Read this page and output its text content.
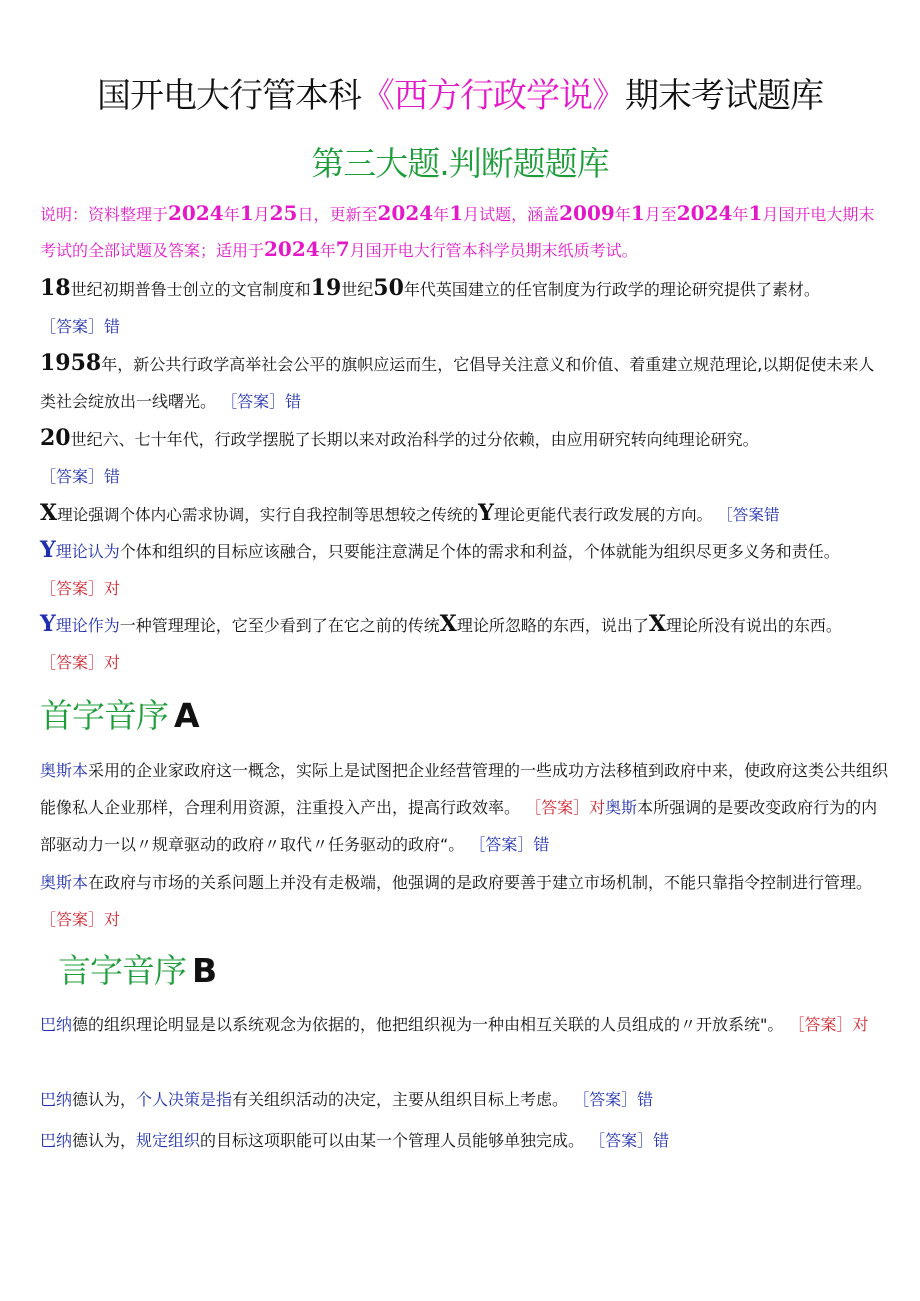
国开电大行管本科《西方行政学说》期末考试题库
第三大题.判断题题库
说明：资料整理于2024年1月25日，更新至2024年1月试题，涵盖2009年1月至2024年1月国开电大期末考试的全部试题及答案；适用于2024年7月国开电大行管本科学员期末纸质考试。
18世纪初期普鲁士创立的文官制度和19世纪50年代英国建立的任官制度为行政学的理论研究提供了素材。
［答案］错
1958年，新公共行政学高举社会公平的旗帜应运而生，它倡导关注意义和价值、着重建立规范理论,以期促使未来人类社会绽放出一线曙光。 ［答案］错
20世纪六、七十年代，行政学摆脱了长期以来对政治科学的过分依赖，由应用研究转向纯理论研究。
［答案］错
X理论强调个体内心需求协调，实行自我控制等思想较之传统的Y理论更能代表行政发展的方向。 ［答案错
Y理论认为个体和组织的目标应该融合，只要能注意满足个体的需求和利益，个体就能为组织尽更多义务和责任。
［答案］对
Y理论作为一种管理理论，它至少看到了在它之前的传统X理论所忽略的东西，说出了X理论所没有说出的东西。 ［答案］对
首字音序 A
奥斯本采用的企业家政府这一概念，实际上是试图把企业经营管理的一些成功方法移植到政府中来，使政府这类公共组织能像私人企业那样，合理利用资源，注重投入产出，提高行政效率。 ［答案］对奥斯本所强调的是要改变政府行为的内部驱动力一以〃规章驱动的政府〃取代〃任务驱动的政府“。 ［答案］错
奥斯本在政府与市场的关系问题上并没有走极端，他强调的是政府要善于建立市场机制，不能只靠指令控制进行管理。 ［答案］对
言字音序 B
巴纳德的组织理论明显是以系统观念为依据的，他把组织视为一种由相互关联的人员组成的〃开放系统"。 ［答案］对
巴纳德认为，个人决策是指有关组织活动的决定，主要从组织目标上考虑。 ［答案］错
巴纳德认为，规定组织的目标这项职能可以由某一个管理人员能够单独完成。 ［答案］错
